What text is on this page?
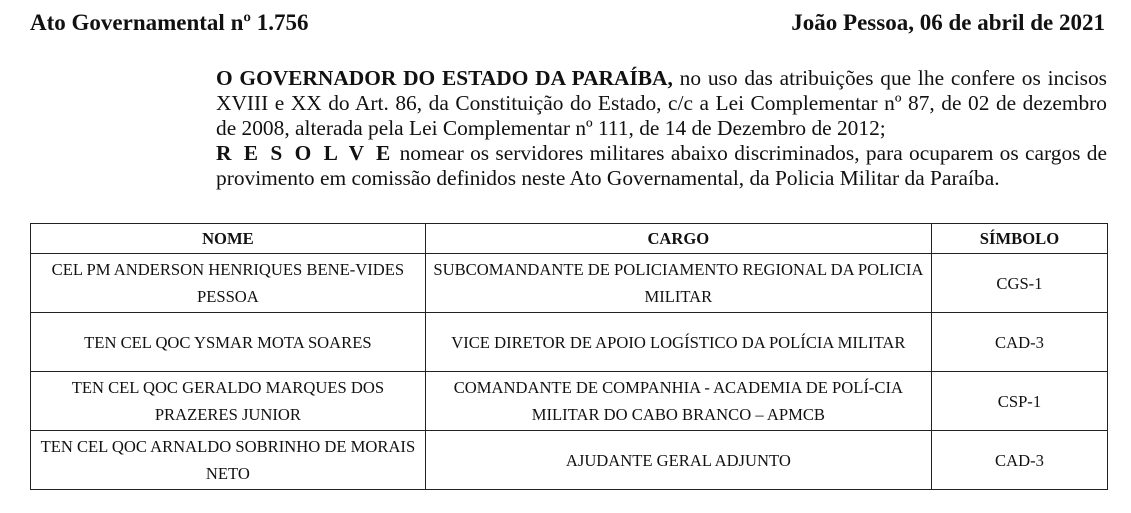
Ato Governamental nº 1.756	João Pessoa, 06 de abril de 2021

O GOVERNADOR DO ESTADO DA PARAÍBA, no uso das atribuições que lhe confere os incisos XVIII e XX do Art. 86, da Constituição do Estado, c/c a Lei Complementar nº 87, de 02 de dezembro de 2008, alterada pela Lei Complementar nº 111, de 14 de Dezembro de 2012;

R E S O L V E nomear os servidores militares abaixo discriminados, para ocuparem os cargos de provimento em comissão definidos neste Ato Governamental, da Policia Militar da Paraíba.

NOME	CARGO	SÍMBOLO
CEL PM ANDERSON HENRIQUES BENE-VIDES PESSOA	SUBCOMANDANTE DE POLICIAMENTO REGIONAL DA POLICIA MILITAR	CGS-1
TEN CEL QOC YSMAR MOTA SOARES	VICE DIRETOR DE APOIO LOGÍSTICO DA POLÍCIA MILITAR	CAD-3
TEN CEL QOC GERALDO MARQUES DOS PRAZERES JUNIOR	COMANDANTE DE COMPANHIA - ACADEMIA DE POLÍ-CIA MILITAR DO CABO BRANCO – APMCB	CSP-1
TEN CEL QOC ARNALDO SOBRINHO DE MORAIS NETO	AJUDANTE GERAL ADJUNTO	CAD-3
